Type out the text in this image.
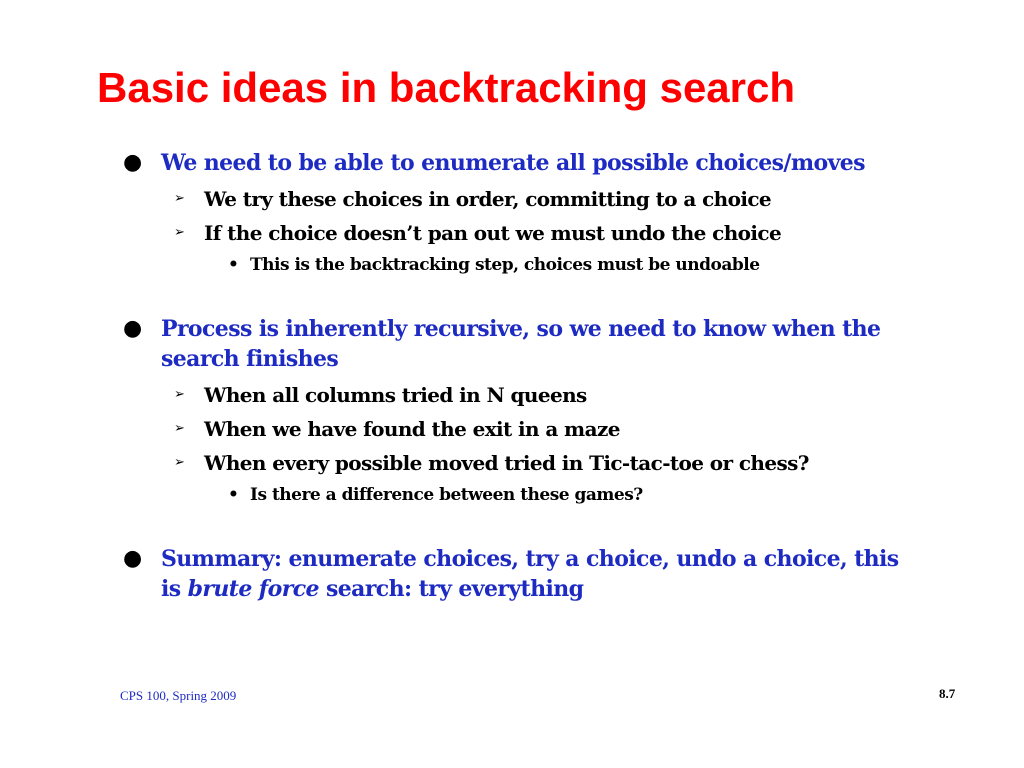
Basic ideas in backtracking search
● We need to be able to enumerate all possible choices/moves
➢ We try these choices in order, committing to a choice
➢ If the choice doesn’t pan out we must undo the choice
• This is the backtracking step, choices must be undoable
● Process is inherently recursive, so we need to know when the
search finishes
➢ When all columns tried in N queens
➢ When we have found the exit in a maze
➢ When every possible moved tried in Tic-tac-toe or chess?
• Is there a difference between these games?
● Summary: enumerate choices, try a choice, undo a choice, this
is brute force search: try everything
CPS 100, Spring 2009	8.7
